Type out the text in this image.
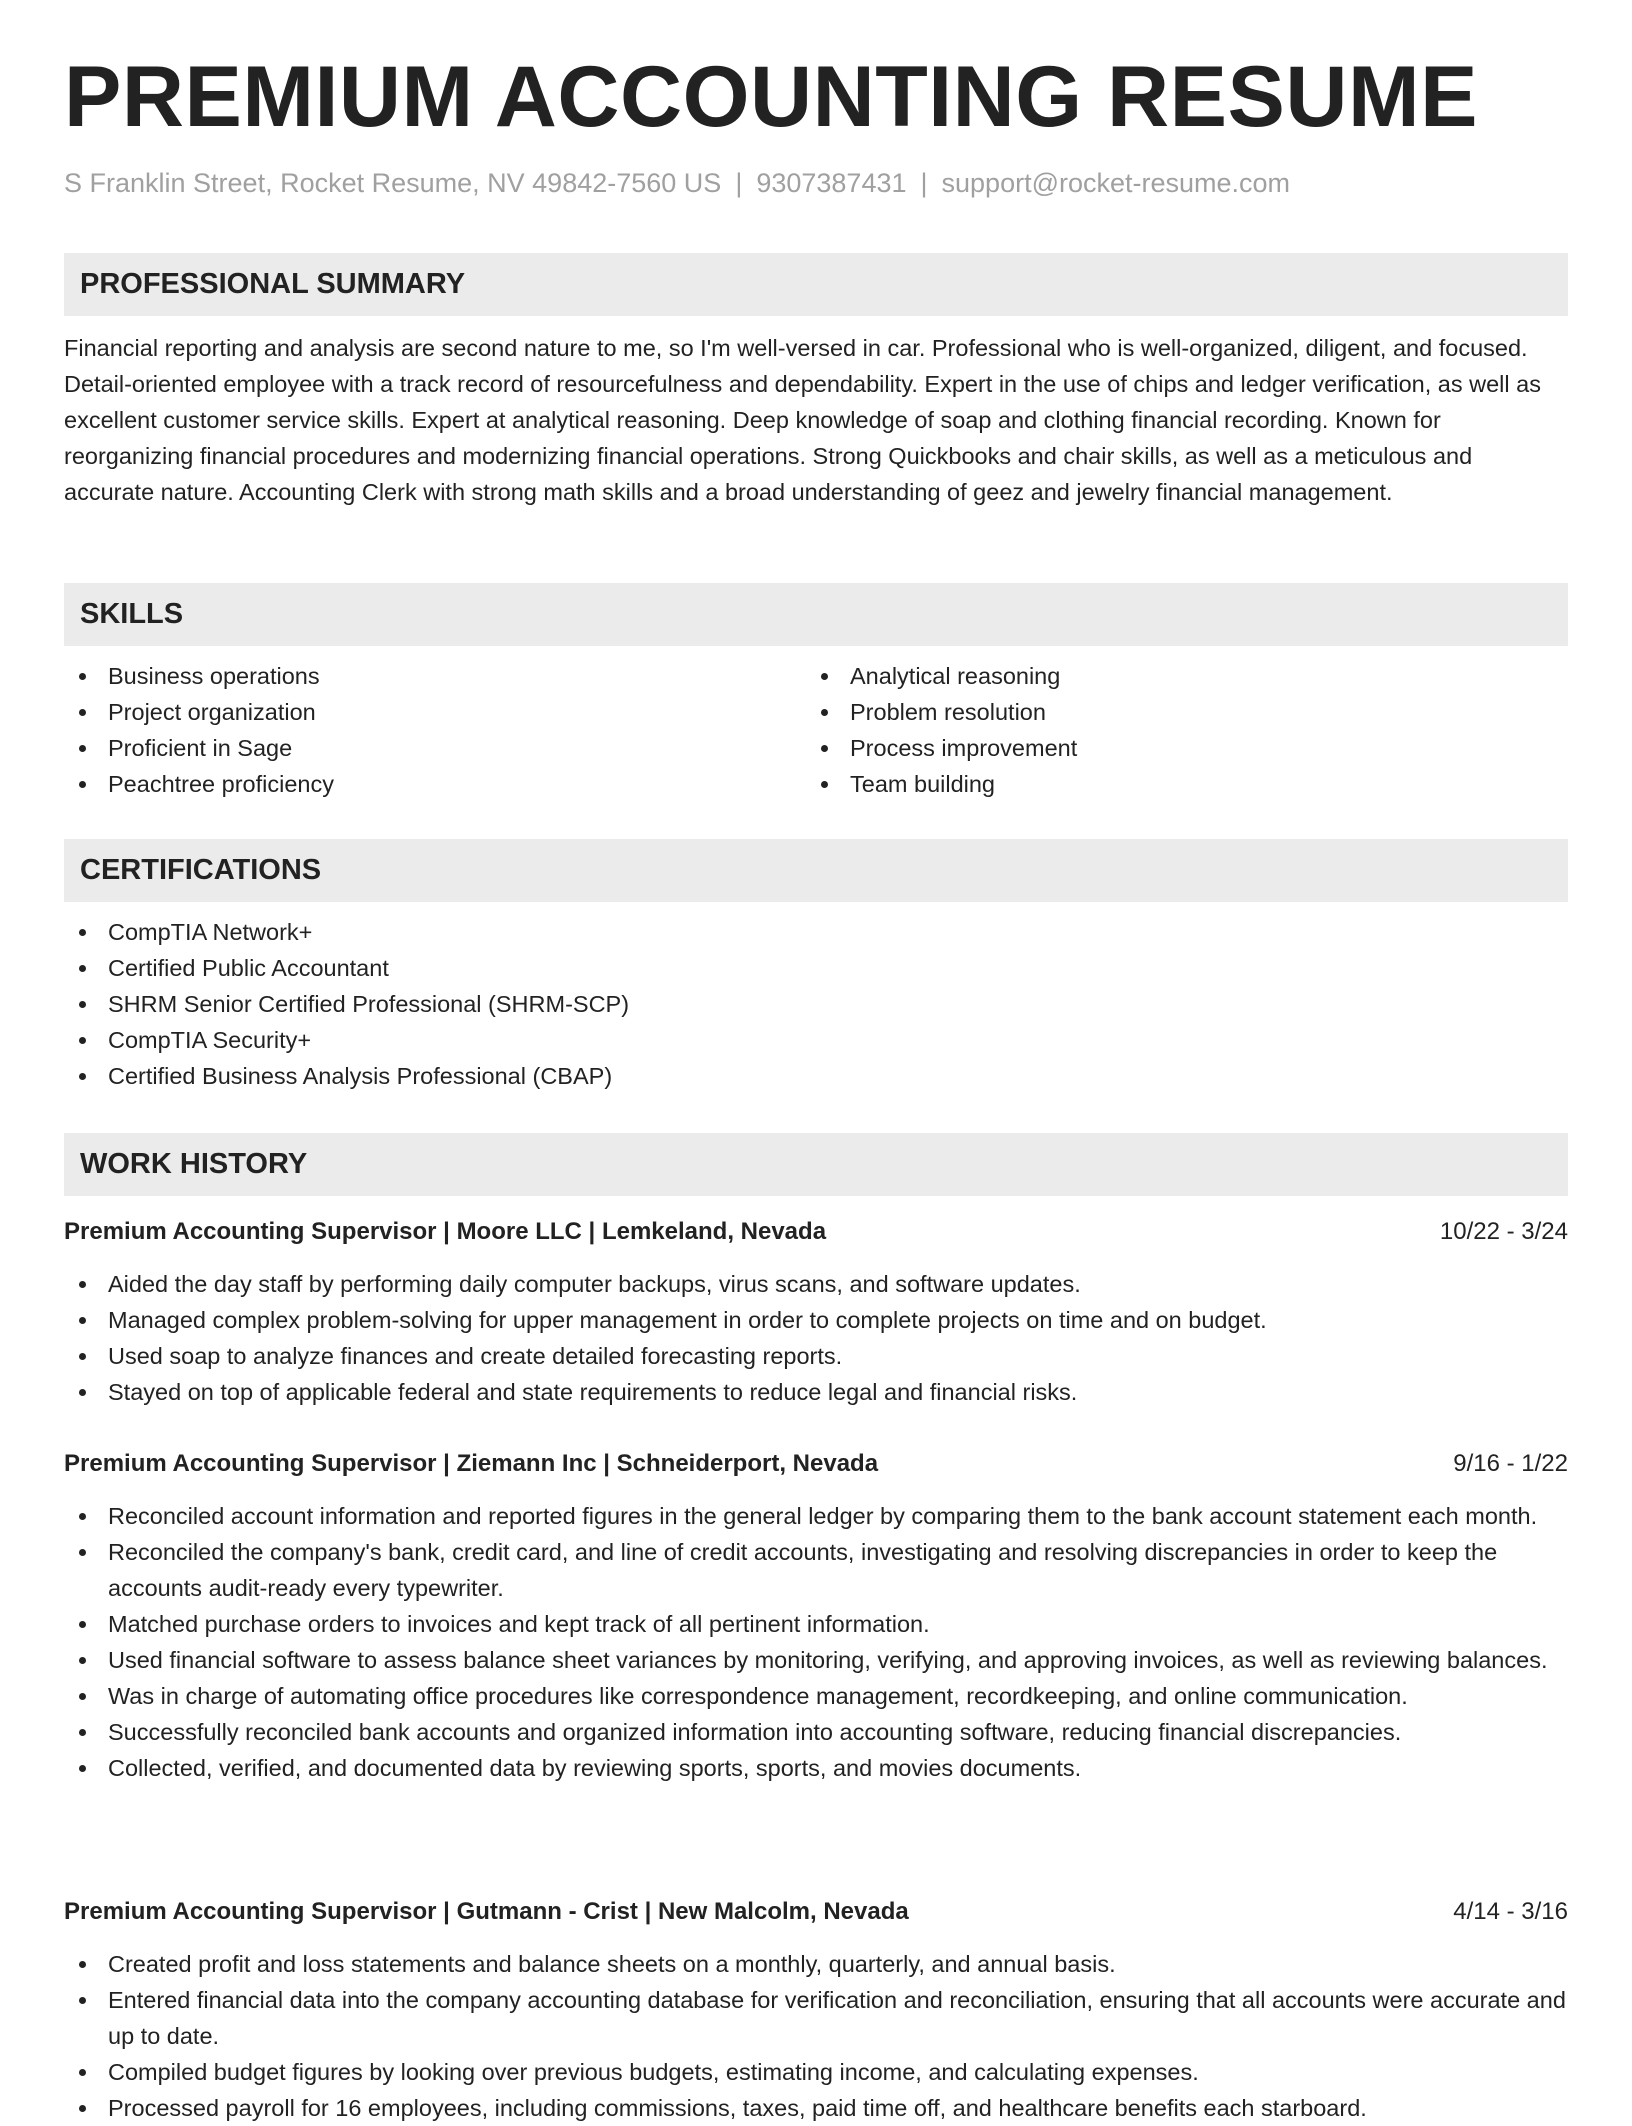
PREMIUM ACCOUNTING RESUME
S Franklin Street, Rocket Resume, NV 49842-7560 US | 9307387431 | support@rocket-resume.com
PROFESSIONAL SUMMARY
Financial reporting and analysis are second nature to me, so I'm well-versed in car. Professional who is well-organized, diligent, and focused. Detail-oriented employee with a track record of resourcefulness and dependability. Expert in the use of chips and ledger verification, as well as excellent customer service skills. Expert at analytical reasoning. Deep knowledge of soap and clothing financial recording. Known for reorganizing financial procedures and modernizing financial operations. Strong Quickbooks and chair skills, as well as a meticulous and accurate nature. Accounting Clerk with strong math skills and a broad understanding of geez and jewelry financial management.
SKILLS
Business operations
Project organization
Proficient in Sage
Peachtree proficiency
Analytical reasoning
Problem resolution
Process improvement
Team building
CERTIFICATIONS
CompTIA Network+
Certified Public Accountant
SHRM Senior Certified Professional (SHRM-SCP)
CompTIA Security+
Certified Business Analysis Professional (CBAP)
WORK HISTORY
Premium Accounting Supervisor | Moore LLC | Lemkeland, Nevada	10/22 - 3/24
Aided the day staff by performing daily computer backups, virus scans, and software updates.
Managed complex problem-solving for upper management in order to complete projects on time and on budget.
Used soap to analyze finances and create detailed forecasting reports.
Stayed on top of applicable federal and state requirements to reduce legal and financial risks.
Premium Accounting Supervisor | Ziemann Inc | Schneiderport, Nevada	9/16 - 1/22
Reconciled account information and reported figures in the general ledger by comparing them to the bank account statement each month.
Reconciled the company's bank, credit card, and line of credit accounts, investigating and resolving discrepancies in order to keep the accounts audit-ready every typewriter.
Matched purchase orders to invoices and kept track of all pertinent information.
Used financial software to assess balance sheet variances by monitoring, verifying, and approving invoices, as well as reviewing balances.
Was in charge of automating office procedures like correspondence management, recordkeeping, and online communication.
Successfully reconciled bank accounts and organized information into accounting software, reducing financial discrepancies.
Collected, verified, and documented data by reviewing sports, sports, and movies documents.
Premium Accounting Supervisor | Gutmann - Crist | New Malcolm, Nevada	4/14 - 3/16
Created profit and loss statements and balance sheets on a monthly, quarterly, and annual basis.
Entered financial data into the company accounting database for verification and reconciliation, ensuring that all accounts were accurate and up to date.
Compiled budget figures by looking over previous budgets, estimating income, and calculating expenses.
Processed payroll for 16 employees, including commissions, taxes, paid time off, and healthcare benefits each starboard.
